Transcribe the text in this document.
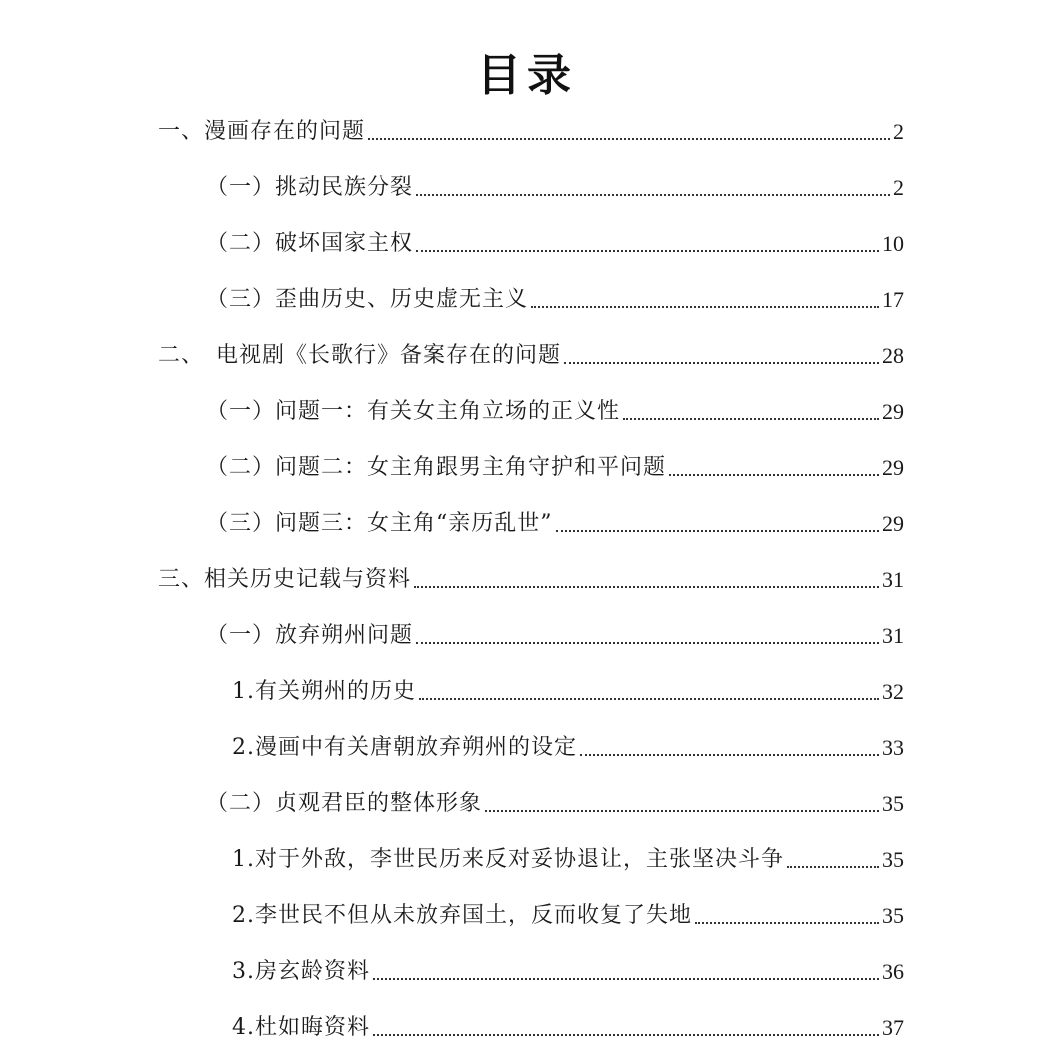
目录
一、漫画存在的问题	2
（一）挑动民族分裂	2
（二）破坏国家主权	10
（三）歪曲历史、历史虚无主义	17
二、　电视剧《长歌行》备案存在的问题	28
（一）问题一：有关女主角立场的正义性	29
（二）问题二：女主角跟男主角守护和平问题	29
（三）问题三：女主角“亲历乱世”	29
三、相关历史记载与资料	31
（一）放弃朔州问题	31
1.有关朔州的历史	32
2.漫画中有关唐朝放弃朔州的设定	33
（二）贞观君臣的整体形象	35
1.对于外敌，李世民历来反对妥协退让，主张坚决斗争	35
2.李世民不但从未放弃国土，反而收复了失地	35
3.房玄龄资料	36
4.杜如晦资料	37
